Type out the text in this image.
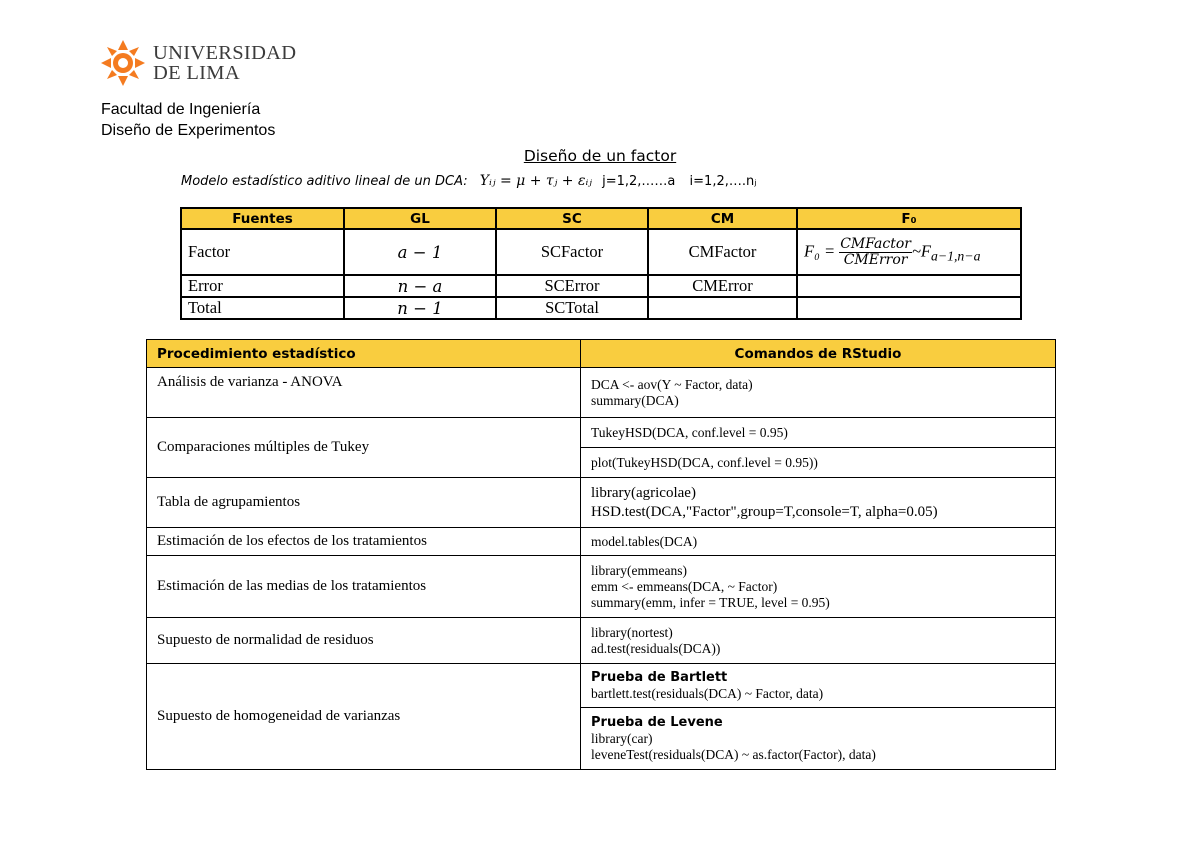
UNIVERSIDAD
DE LIMA
Facultad de Ingeniería
Diseño de Experimentos
Diseño de un factor
Modelo estadístico aditivo lineal de un DCA: Yᵢⱼ = μ + τⱼ + εᵢⱼ j=1,2,……a i=1,2,….nⱼ
Fuentes	GL	SC	CM	F₀
Factor	a − 1	SCFactor	CMFactor	$F_0 = \frac{\text{CMFactor}}{\text{CMError}}$ $\sim F_{a-1,n-a}$
Error	n − a	SCError	CMError	
Total	n − 1	SCTotal		
Procedimiento estadístico	Comandos de RStudio
Análisis de varianza - ANOVA	DCA <- aov(Y ~ Factor, data)
summary(DCA)

Comparaciones múltiples de Tukey	TukeyHSD(DCA, conf.level = 0.95)

	plot(TukeyHSD(DCA, conf.level = 0.95))

Tabla de agrupamientos	library(agricolae)
HSD.test(DCA,"Factor",group=T,console=T, alpha=0.05)

Estimación de los efectos de los tratamientos	model.tables(DCA)

Estimación de las medias de los tratamientos	library(emmeans)
emm <- emmeans(DCA, ~ Factor)
summary(emm, infer = TRUE, level = 0.95)

Supuesto de normalidad de residuos	library(nortest)
ad.test(residuals(DCA))

Supuesto de homogeneidad de varianzas	Prueba de Bartlett
bartlett.test(residuals(DCA) ~ Factor, data)

	Prueba de Levene
library(car)
leveneTest(residuals(DCA) ~ as.factor(Factor), data)
